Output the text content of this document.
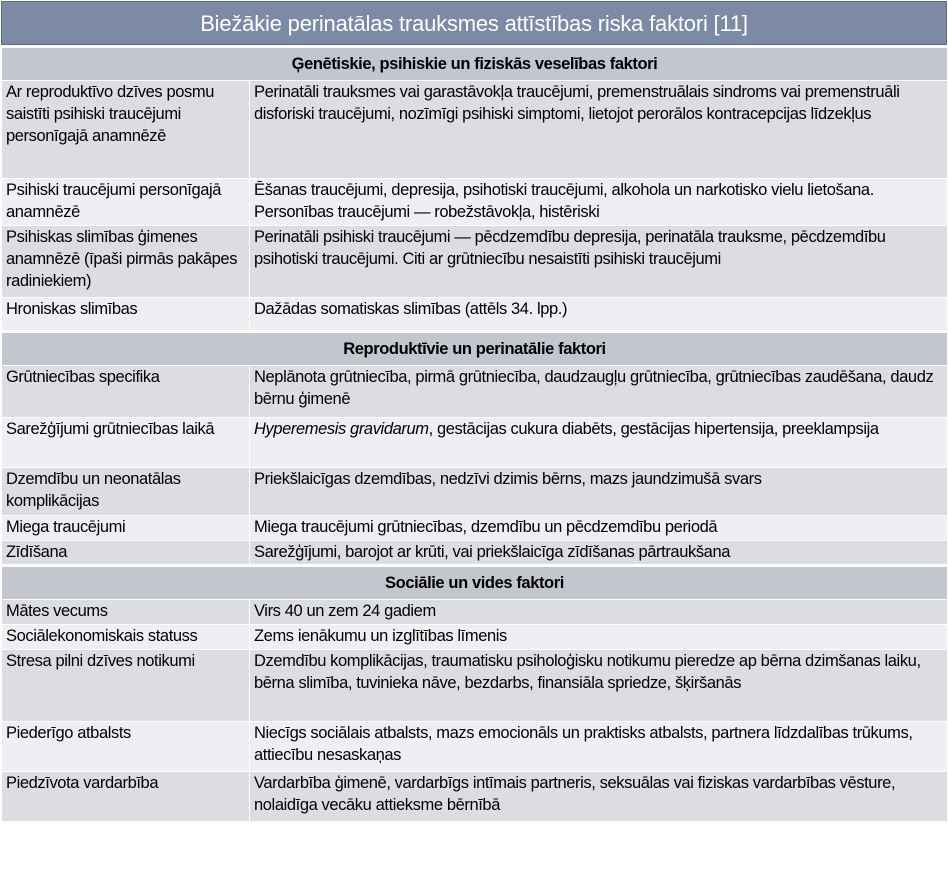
Biežākie perinatālas trauksmes attīstības riska faktori [11]
Ģenētiskie, psihiskie un fiziskās veselības faktori	
Ar reproduktīvo dzīves posmu saistīti psihiski traucējumi personīgajā anamnēzē	Perinatāli trauksmes vai garastāvokļa traucējumi, premenstruālais sindroms vai premenstruāli disforiski traucējumi, nozīmīgi psihiski simptomi, lietojot perorālos kontracepcijas līdzekļus
Psihiski traucējumi personīgajā anamnēzē	Ēšanas traucējumi, depresija, psihotiski traucējumi, alkohola un narkotisko vielu lietošana. Personības traucējumi — robežstāvokļa, histēriski
Psihiskas slimības ģimenes anamnēzē (īpaši pirmās pakāpes radiniekiem)	Perinatāli psihiski traucējumi — pēcdzemdību depresija, perinatāla trauksme, pēcdzemdību psihotiski traucējumi. Citi ar grūtniecību nesaistīti psihiski traucējumi
Hroniskas slimības	Dažādas somatiskas slimības (attēls 34. lpp.)
Reproduktīvie un perinatālie faktori	
Grūtniecības specifika	Neplānota grūtniecība, pirmā grūtniecība, daudzaugļu grūtniecība, grūtniecības zaudēšana, daudz bērnu ģimenē
Sarežģījumi grūtniecības laikā	Hyperemesis gravidarum, gestācijas cukura diabēts, gestācijas hipertensija, preeklampsija
Dzemdību un neonatālas komplikācijas	Priekšlaicīgas dzemdības, nedzīvi dzimis bērns, mazs jaundzimušā svars
Miega traucējumi	Miega traucējumi grūtniecības, dzemdību un pēcdzemdību periodā
Zīdīšana	Sarežģījumi, barojot ar krūti, vai priekšlaicīga zīdīšanas pārtraukšana
Sociālie un vides faktori	
Mātes vecums	Virs 40 un zem 24 gadiem
Sociālekonomiskais statuss	Zems ienākumu un izglītības līmenis
Stresa pilni dzīves notikumi	Dzemdību komplikācijas, traumatisku psiholoģisku notikumu pieredze ap bērna dzimšanas laiku, bērna slimība, tuvinieka nāve, bezdarbs, finansiāla spriedze, šķiršanās
Piederīgo atbalsts	Niecīgs sociālais atbalsts, mazs emocionāls un praktisks atbalsts, partnera līdzdalības trūkums, attiecību nesaskaņas
Piedzīvota vardarbība	Vardarbība ģimenē, vardarbīgs intīmais partneris, seksuālas vai fiziskas vardarbības vēsture, nolaidīga vecāku attieksme bērnībā
